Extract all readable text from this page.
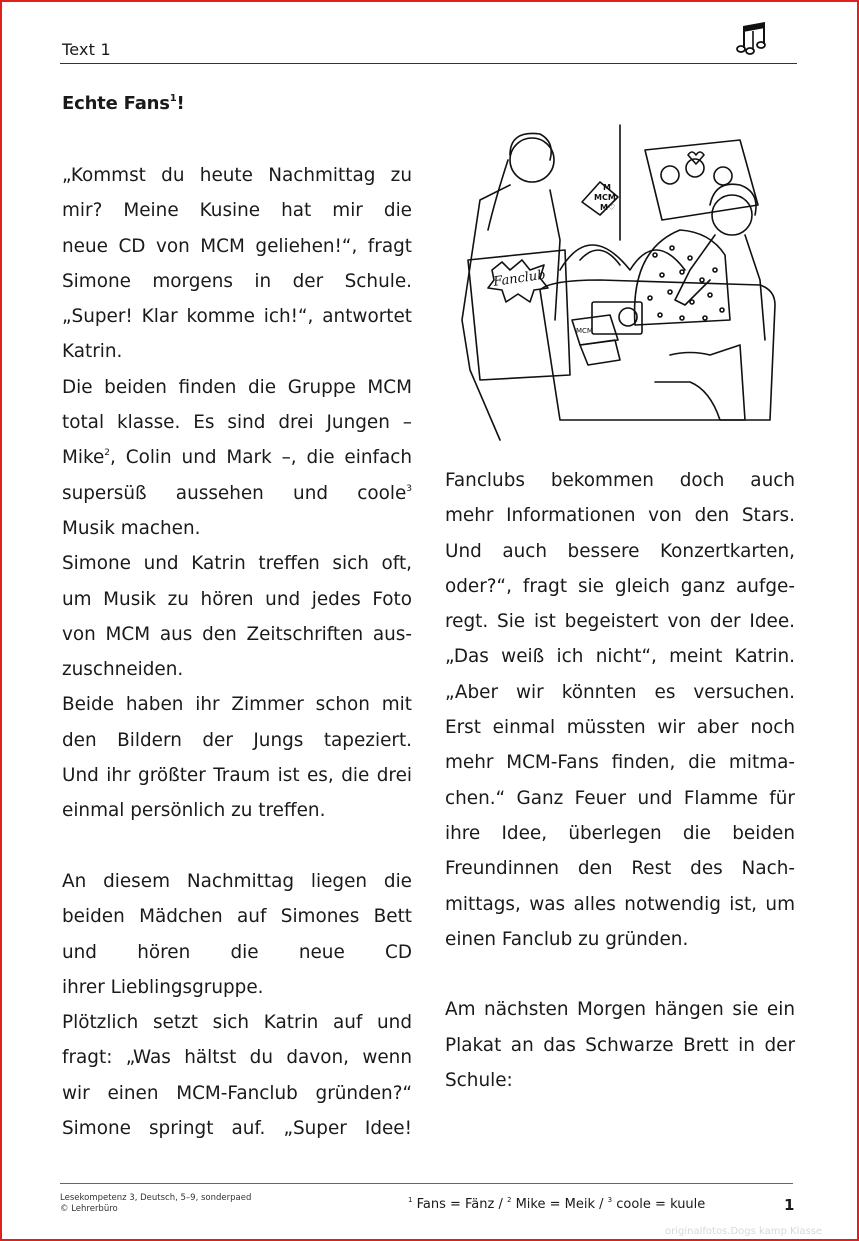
Text 1
Echte Fans$^1$!
„Kommst du heute Nachmittag zu
mir? Meine Kusine hat mir die
neue CD von MCM geliehen!“, fragt
Simone morgens in der Schule.
„Super! Klar komme ich!“, antwortet
Katrin.
Die beiden finden die Gruppe MCM
total klasse. Es sind drei Jungen –
Mike$^2$, Colin und Mark –, die einfach
supersüß aussehen und coole$^3$
Musik machen.
Simone und Katrin treffen sich oft,
um Musik zu hören und jedes Foto
von MCM aus den Zeitschriften aus-
zuschneiden.
Beide haben ihr Zimmer schon mit
den Bildern der Jungs tapeziert.
Und ihr größter Traum ist es, die drei
einmal persönlich zu treffen.
An diesem Nachmittag liegen die
beiden Mädchen auf Simones Bett
und hören die neue CD
ihrer Lieblingsgruppe.
Plötzlich setzt sich Katrin auf und
fragt: „Was hältst du davon, wenn
wir einen MCM-Fanclub gründen?“
Simone springt auf. „Super Idee!
Fanclubs bekommen doch auch
mehr Informationen von den Stars.
Und auch bessere Konzertkarten,
oder?“, fragt sie gleich ganz aufge-
regt. Sie ist begeistert von der Idee.
„Das weiß ich nicht“, meint Katrin.
„Aber wir könnten es versuchen.
Erst einmal müssten wir aber noch
mehr MCM-Fans finden, die mitma-
chen.“ Ganz Feuer und Flamme für
ihre Idee, überlegen die beiden
Freundinnen den Rest des Nach-
mittags, was alles notwendig ist, um
einen Fanclub zu gründen.
Am nächsten Morgen hängen sie ein
Plakat an das Schwarze Brett in der
Schule:
Fanclub
M
MCM
M♡
MCM
Lesekompetenz 3, Deutsch, 5–9, sonderpaed
© Lehrerbüro
$^1$ Fans = Fänz / $^2$ Mike = Meik / $^3$ coole = kuule	1
originalfotos.Dogs kamp Klasse
